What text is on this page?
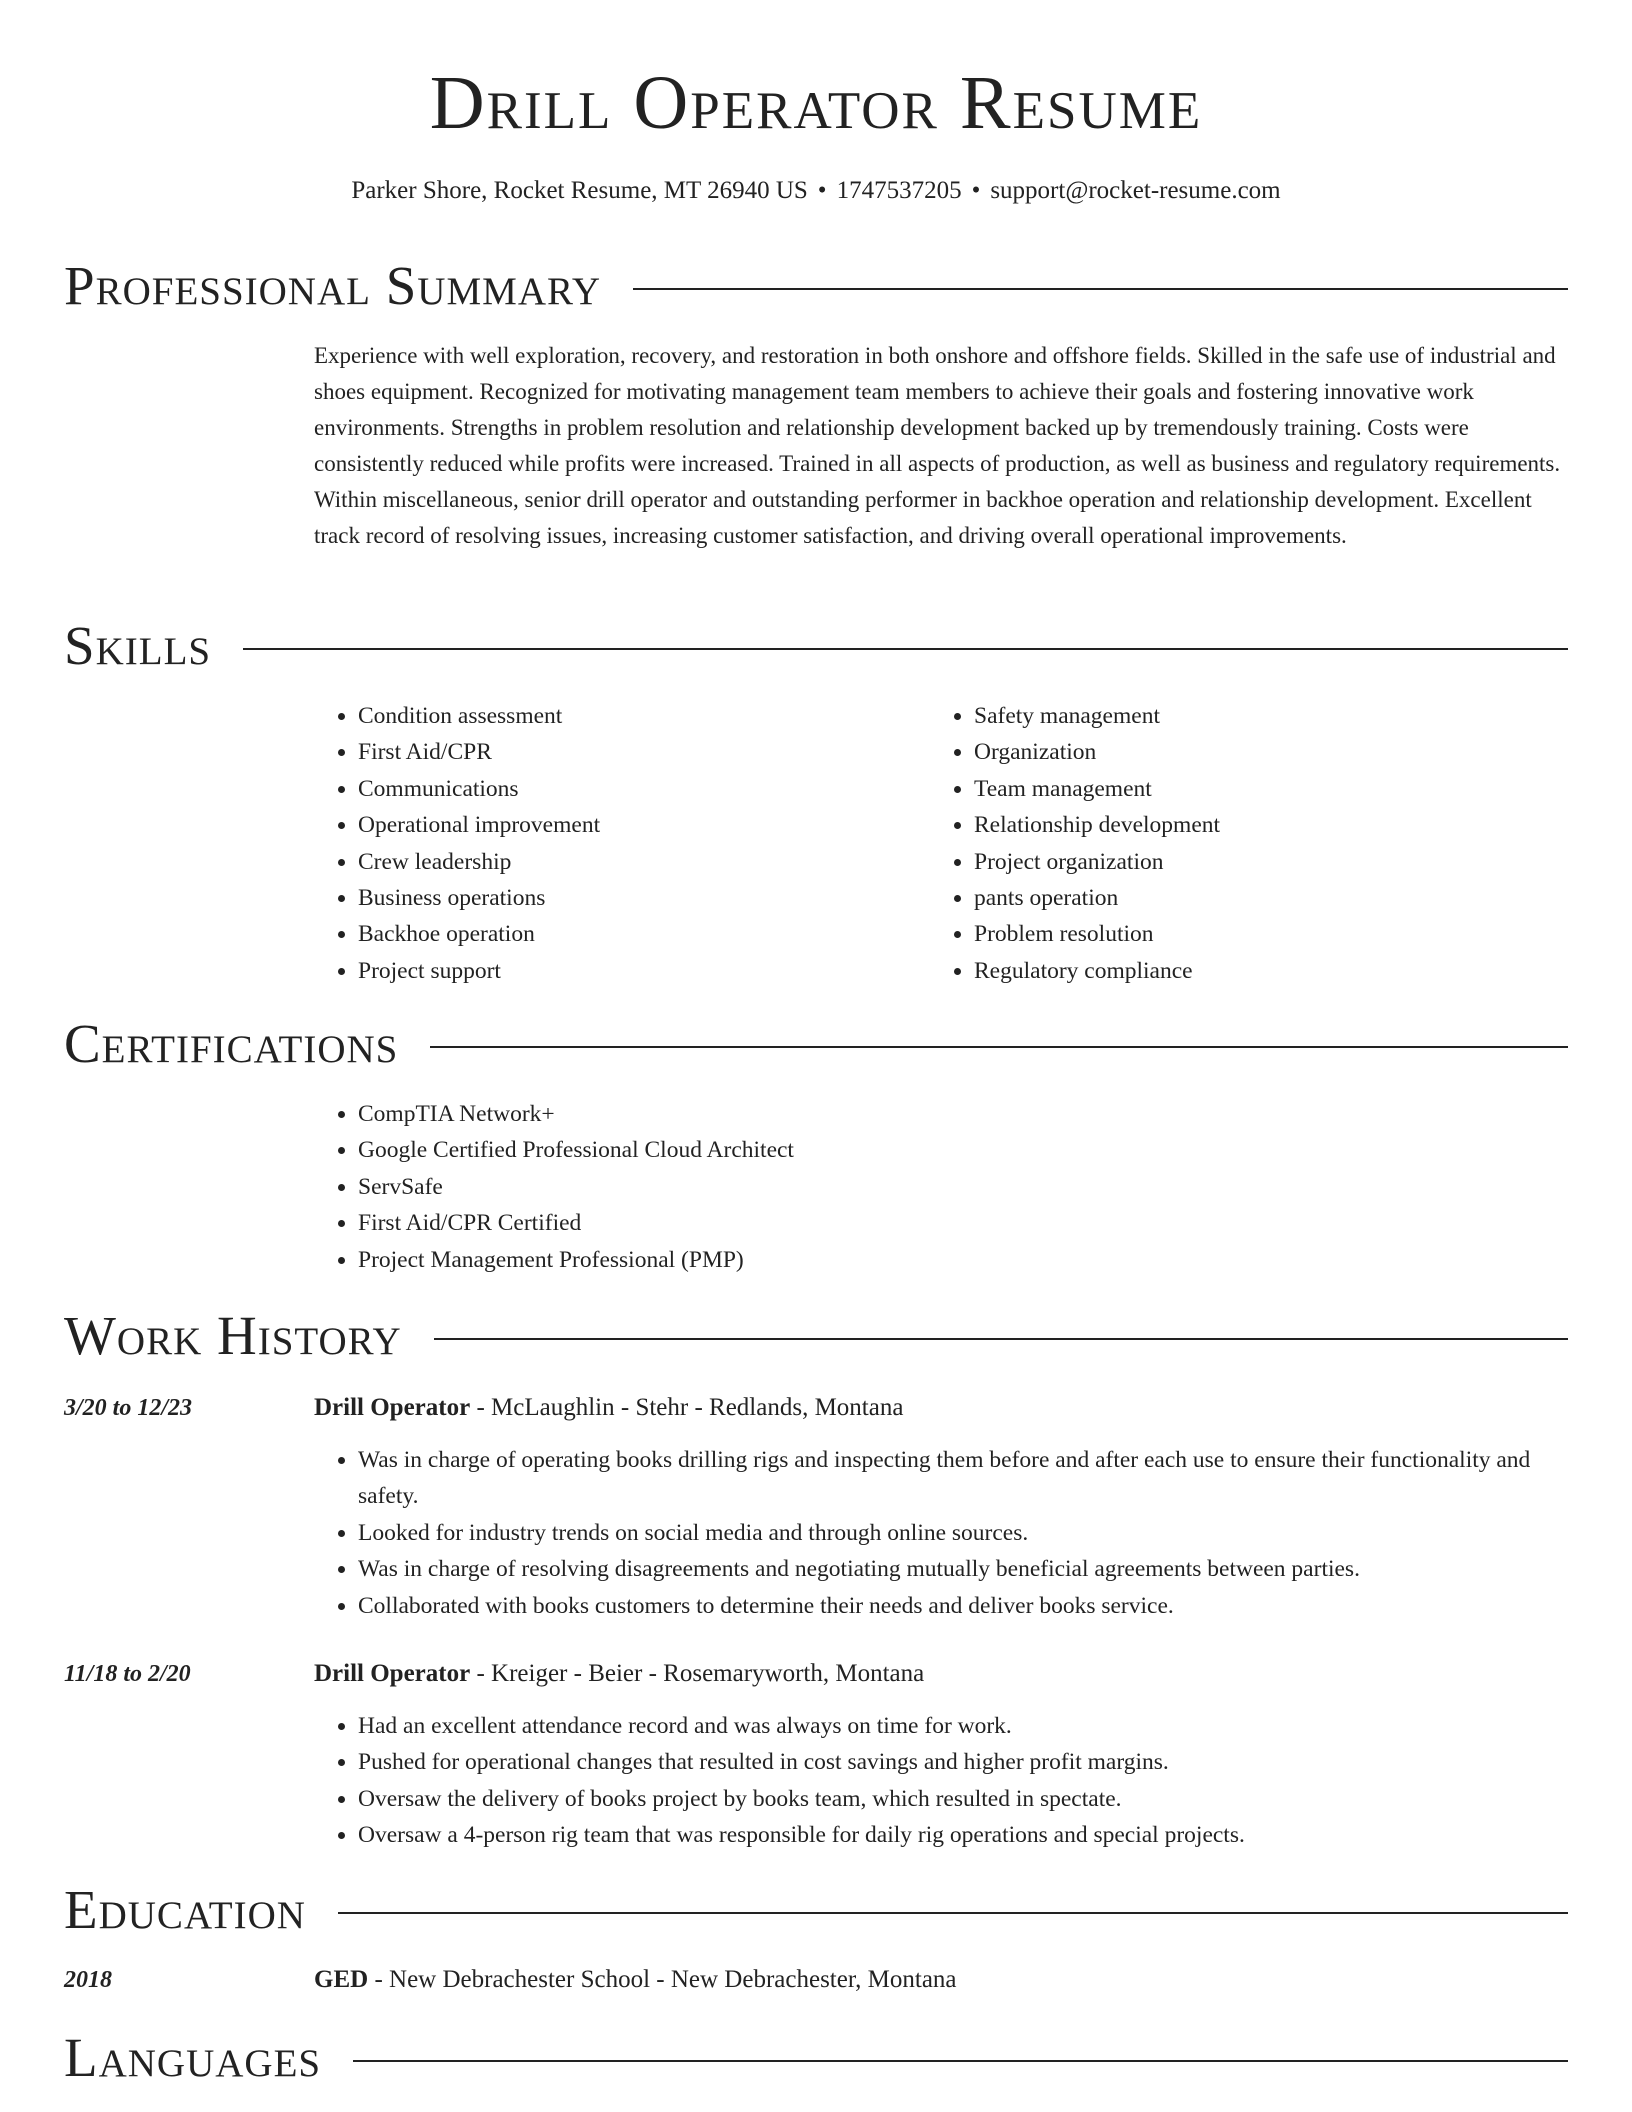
Drill Operator Resume
Parker Shore, Rocket Resume, MT 26940 US • 1747537205 • support@rocket-resume.com
Professional Summary

Experience with well exploration, recovery, and restoration in both onshore and offshore fields. Skilled in the safe use of industrial and shoes equipment. Recognized for motivating management team members to achieve their goals and fostering innovative work environments. Strengths in problem resolution and relationship development backed up by tremendously training. Costs were consistently reduced while profits were increased. Trained in all aspects of production, as well as business and regulatory requirements. Within miscellaneous, senior drill operator and outstanding performer in backhoe operation and relationship development. Excellent track record of resolving issues, increasing customer satisfaction, and driving overall operational improvements.

Skills
• Condition assessment
• First Aid/CPR
• Communications
• Operational improvement
• Crew leadership
• Business operations
• Backhoe operation
• Project support
• Safety management
• Organization
• Team management
• Relationship development
• Project organization
• pants operation
• Problem resolution
• Regulatory compliance
Certifications
• CompTIA Network+
• Google Certified Professional Cloud Architect
• ServSafe
• First Aid/CPR Certified
• Project Management Professional (PMP)
Work History
3/20 to 12/23	Drill Operator - McLaughlin - Stehr - Redlands, Montana
• Was in charge of operating books drilling rigs and inspecting them before and after each use to ensure their functionality and safety.
• Looked for industry trends on social media and through online sources.
• Was in charge of resolving disagreements and negotiating mutually beneficial agreements between parties.
• Collaborated with books customers to determine their needs and deliver books service.
11/18 to 2/20	Drill Operator - Kreiger - Beier - Rosemaryworth, Montana
• Had an excellent attendance record and was always on time for work.
• Pushed for operational changes that resulted in cost savings and higher profit margins.
• Oversaw the delivery of books project by books team, which resulted in spectate.
• Oversaw a 4-person rig team that was responsible for daily rig operations and special projects.
Education
2018	GED - New Debrachester School - New Debrachester, Montana
Languages
